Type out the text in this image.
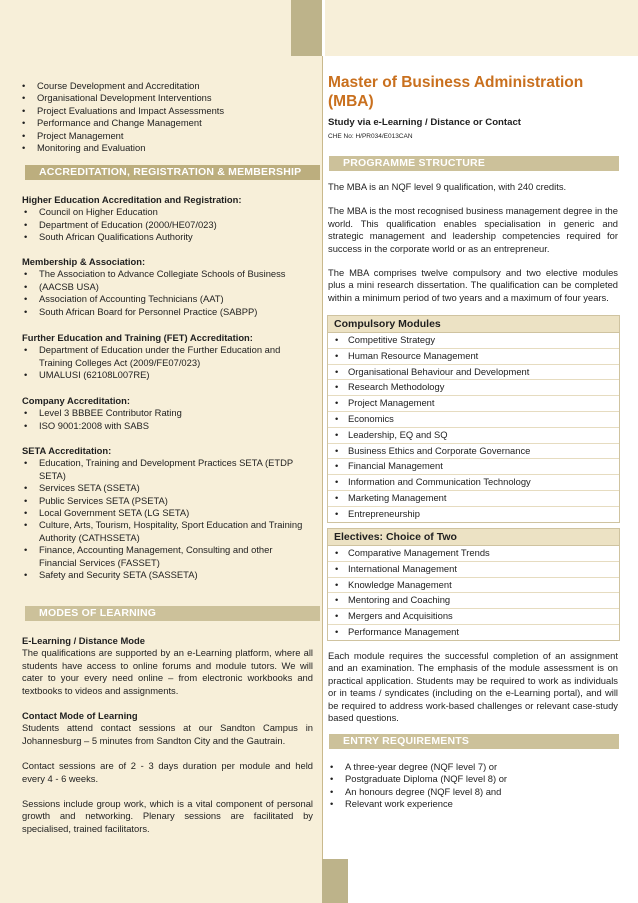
• Course Development and Accreditation
• Organisational Development Interventions
• Project Evaluations and Impact Assessments
• Performance and Change Management
• Project Management
• Monitoring and Evaluation
ACCREDITATION, REGISTRATION & MEMBERSHIP

Higher Education Accreditation and Registration:

• Council on Higher Education
• Department of Education (2000/HE07/023)
• South African Qualifications Authority

Membership & Association:

• The Association to Advance Collegiate Schools of Business
• (AACSB USA)
• Association of Accounting Technicians (AAT)
• South African Board for Personnel Practice (SABPP)

Further Education and Training (FET) Accreditation:

• Department of Education under the Further Education and
Training Colleges Act (2009/FE07/023)
• UMALUSI (62108L007RE)

Company Accreditation:

• Level 3 BBBEE Contributor Rating
• ISO 9001:2008 with SABS

SETA Accreditation:

• Education, Training and Development Practices SETA (ETDP
SETA)
• Services SETA (SSETA)
• Public Services SETA (PSETA)
• Local Government SETA (LG SETA)
• Culture, Arts, Tourism, Hospitality, Sport Education and Training
Authority (CATHSSETA)
• Finance, Accounting Management, Consulting and other
Financial Services (FASSET)
• Safety and Security SETA (SASSETA)
MODES OF LEARNING

E-Learning / Distance Mode

The qualifications are supported by an e-Learning platform, where all students have access to online forums and module tutors. We will cater to your every need online – from electronic workbooks and textbooks to videos and assignments.

Contact Mode of Learning

Students attend contact sessions at our Sandton Campus in Johannesburg – 5 minutes from Sandton City and the Gautrain.

Contact sessions are of 2 - 3 days duration per module and held every 4 - 6 weeks.

Sessions include group work, which is a vital component of personal growth and networking. Plenary sessions are facilitated by specialised, trained facilitators.

Master of Business Administration
(MBA)

Study via e-Learning / Distance or Contact

CHE No: H/PR034/E013CAN

PROGRAMME STRUCTURE

The MBA is an NQF level 9 qualification, with 240 credits.

The MBA is the most recognised business management degree in the world. This qualification enables specialisation in generic and strategic management and leadership competencies required for success in the corporate world or as an entrepreneur.

The MBA comprises twelve compulsory and two elective modules plus a mini research dissertation. The qualification can be completed within a minimum period of two years and a maximum of four years.

Compulsory Modules
• Competitive Strategy
• Human Resource Management
• Organisational Behaviour and Development
• Research Methodology
• Project Management
• Economics
• Leadership, EQ and SQ
• Business Ethics and Corporate Governance
• Financial Management
• Information and Communication Technology
• Marketing Management
• Entrepreneurship
Electives: Choice of Two
• Comparative Management Trends
• International Management
• Knowledge Management
• Mentoring and Coaching
• Mergers and Acquisitions
• Performance Management

Each module requires the successful completion of an assignment and an examination. The emphasis of the module assessment is on practical application. Students may be required to work as individuals or in teams / syndicates (including on the e-Learning portal), and will be required to address work-based challenges or relevant case-study based questions.

ENTRY REQUIREMENTS
• A three-year degree (NQF level 7) or
• Postgraduate Diploma (NQF level 8) or
• An honours degree (NQF level 8) and
• Relevant work experience
